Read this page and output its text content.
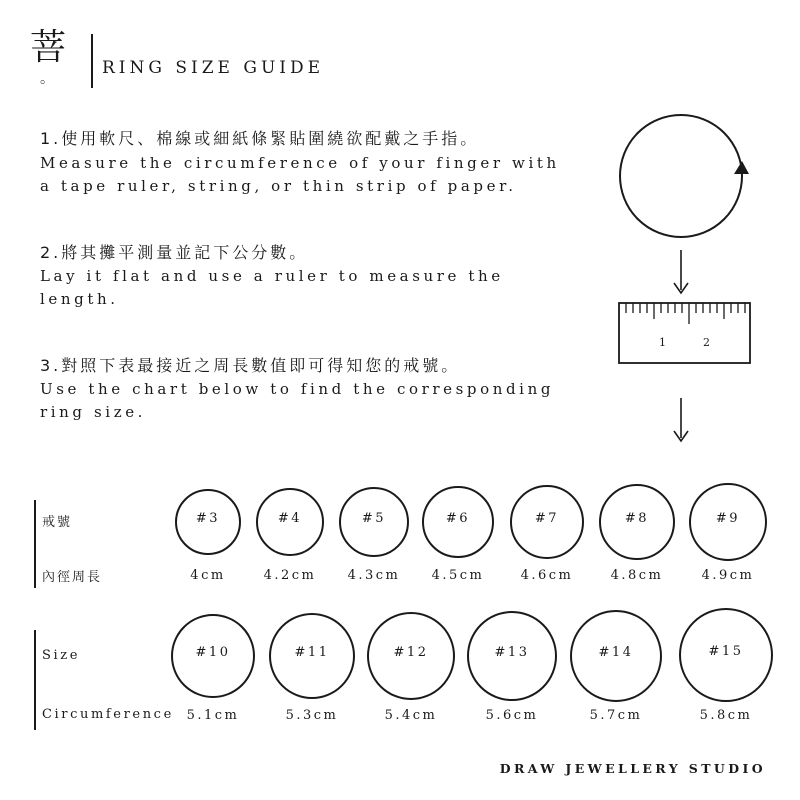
菩
。
RING SIZE GUIDE
1.使用軟尺、棉線或細紙條緊貼圍繞欲配戴之手指。
Measure the circumference of your finger with
a tape ruler, string, or thin strip of paper.
2.將其攤平測量並記下公分數。
Lay it flat and use a ruler to measure the
length.
3.對照下表最接近之周長數值即可得知您的戒號。
Use the chart below to find the corresponding
ring size.
1	2
戒號
內徑周長
#3	#4	#5	#6	#7	#8	#9
4cm	4.2cm 4.3cm 4.5cm	4.6cm	4.8cm	4.9cm
Size
Circumference
#10	#11	#12	#13	#14	#15
5.1cm	5.3cm	5.4cm	5.6cm	5.7cm	5.8cm
DRAW JEWELLERY STUDIO
